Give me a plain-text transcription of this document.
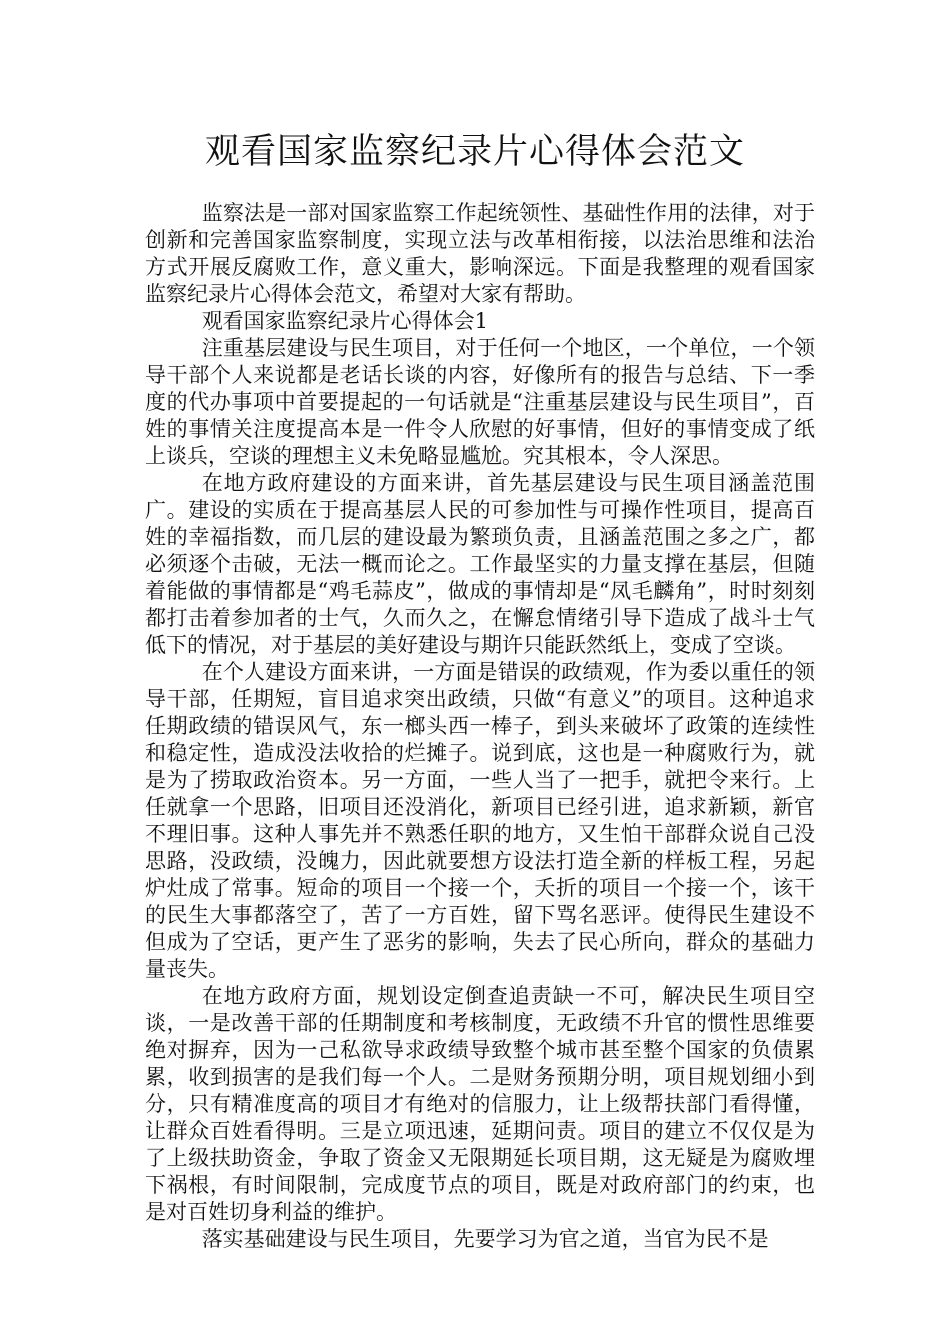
观看国家监察纪录片心得体会范文

监察法是一部对国家监察工作起统领性、基础性作用的法律，对于创新和完善国家监察制度，实现立法与改革相衔接，以法治思维和法治方式开展反腐败工作，意义重大，影响深远。下面是我整理的观看国家监察纪录片心得体会范文，希望对大家有帮助。

观看国家监察纪录片心得体会1

注重基层建设与民生项目，对于任何一个地区，一个单位，一个领导干部个人来说都是老话长谈的内容，好像所有的报告与总结、下一季度的代办事项中首要提起的一句话就是“注重基层建设与民生项目”，百姓的事情关注度提高本是一件令人欣慰的好事情，但好的事情变成了纸上谈兵，空谈的理想主义未免略显尴尬。究其根本，令人深思。

在地方政府建设的方面来讲，首先基层建设与民生项目涵盖范围广。建设的实质在于提高基层人民的可参加性与可操作性项目，提高百姓的幸福指数，而几层的建设最为繁琐负责，且涵盖范围之多之广，都必须逐个击破，无法一概而论之。工作最坚实的力量支撑在基层，但随着能做的事情都是“鸡毛蒜皮”，做成的事情却是“凤毛麟角”，时时刻刻都打击着参加者的士气，久而久之，在懈怠情绪引导下造成了战斗士气低下的情况，对于基层的美好建设与期许只能跃然纸上，变成了空谈。

在个人建设方面来讲，一方面是错误的政绩观，作为委以重任的领导干部，任期短，盲目追求突出政绩，只做“有意义”的项目。这种追求任期政绩的错误风气，东一榔头西一棒子，到头来破坏了政策的连续性和稳定性，造成没法收拾的烂摊子。说到底，这也是一种腐败行为，就是为了捞取政治资本。另一方面，一些人当了一把手，就把令来行。上任就拿一个思路，旧项目还没消化，新项目已经引进，追求新颖，新官不理旧事。这种人事先并不熟悉任职的地方，又生怕干部群众说自己没思路，没政绩，没魄力，因此就要想方设法打造全新的样板工程，另起炉灶成了常事。短命的项目一个接一个，夭折的项目一个接一个，该干的民生大事都落空了，苦了一方百姓，留下骂名恶评。使得民生建设不但成为了空话，更产生了恶劣的影响，失去了民心所向，群众的基础力量丧失。

在地方政府方面，规划设定倒查追责缺一不可，解决民生项目空谈，一是改善干部的任期制度和考核制度，无政绩不升官的惯性思维要绝对摒弃，因为一己私欲导求政绩导致整个城市甚至整个国家的负债累累，收到损害的是我们每一个人。二是财务预期分明，项目规划细小到分，只有精准度高的项目才有绝对的信服力，让上级帮扶部门看得懂，让群众百姓看得明。三是立项迅速，延期问责。项目的建立不仅仅是为了上级扶助资金，争取了资金又无限期延长项目期，这无疑是为腐败埋下祸根，有时间限制，完成度节点的项目，既是对政府部门的约束，也是对百姓切身利益的维护。

落实基础建设与民生项目，先要学习为官之道，当官为民不是
